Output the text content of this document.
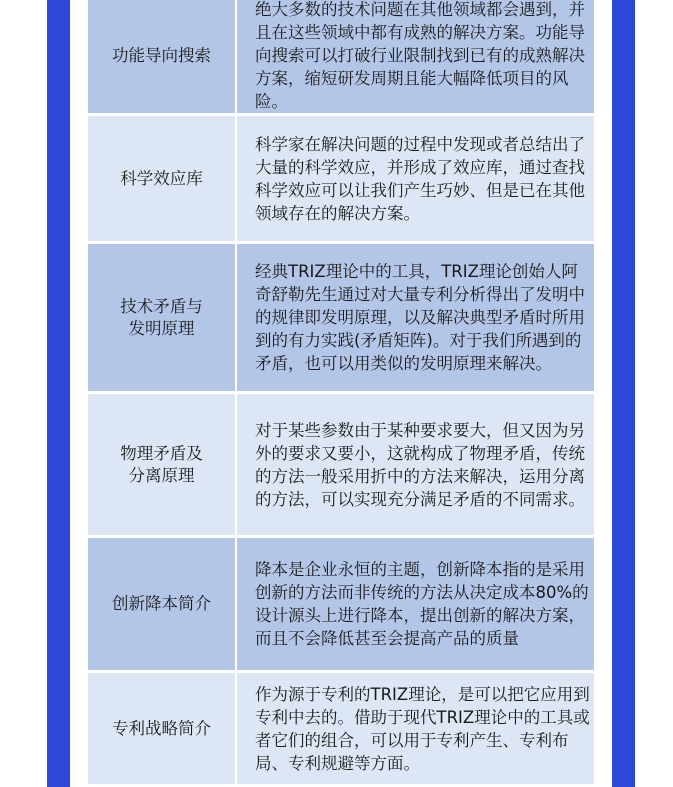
功能导向搜索
绝大多数的技术问题在其他领域都会遇到，并且在这些领域中都有成熟的解决方案。功能导向搜索可以打破行业限制找到已有的成熟解决方案，缩短研发周期且能大幅降低项目的风险。
科学效应库
科学家在解决问题的过程中发现或者总结出了大量的科学效应，并形成了效应库，通过查找科学效应可以让我们产生巧妙、但是已在其他领域存在的解决方案。
技术矛盾与
发明原理
经典TRIZ理论中的工具，TRIZ理论创始人阿奇舒勒先生通过对大量专利分析得出了发明中的规律即发明原理，以及解决典型矛盾时所用到的有力实践(矛盾矩阵)。对于我们所遇到的矛盾，也可以用类似的发明原理来解决。
物理矛盾及
分离原理
对于某些参数由于某种要求要大，但又因为另外的要求又要小，这就构成了物理矛盾，传统的方法一般采用折中的方法来解决，运用分离的方法，可以实现充分满足矛盾的不同需求。
创新降本简介
降本是企业永恒的主题，创新降本指的是采用创新的方法而非传统的方法从决定成本80%的设计源头上进行降本，提出创新的解决方案，而且不会降低甚至会提高产品的质量
专利战略简介
作为源于专利的TRIZ理论，是可以把它应用到专利中去的。借助于现代TRIZ理论中的工具或者它们的组合，可以用于专利产生、专利布局、专利规避等方面。
